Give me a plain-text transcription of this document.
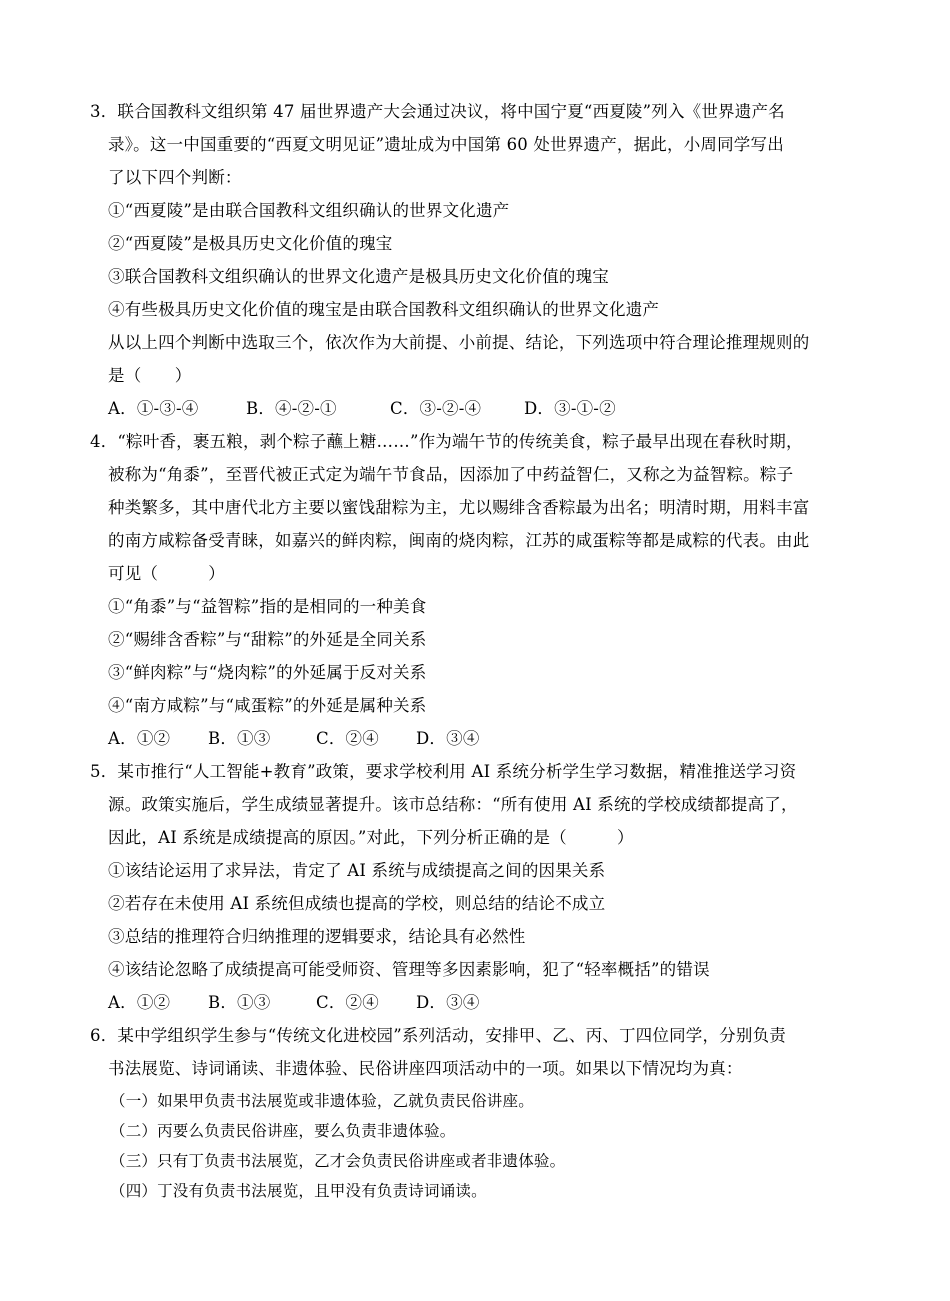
3．联合国教科文组织第 47 届世界遗产大会通过决议，将中国宁夏“西夏陵”列入《世界遗产名
录》。这一中国重要的“西夏文明见证”遗址成为中国第 60 处世界遗产，据此，小周同学写出
了以下四个判断：
①“西夏陵”是由联合国教科文组织确认的世界文化遗产
②“西夏陵”是极具历史文化价值的瑰宝
③联合国教科文组织确认的世界文化遗产是极具历史文化价值的瑰宝
④有些极具历史文化价值的瑰宝是由联合国教科文组织确认的世界文化遗产
从以上四个判断中选取三个，依次作为大前提、小前提、结论，下列选项中符合理论推理规则的
是（　　）
A．①-③-④	B．④-②-①	C．③-②-④	D．③-①-②
4．“粽叶香，裹五粮，剥个粽子蘸上糖……”作为端午节的传统美食，粽子最早出现在春秋时期，
被称为“角黍”，至晋代被正式定为端午节食品，因添加了中药益智仁，又称之为益智粽。粽子
种类繁多，其中唐代北方主要以蜜饯甜粽为主，尤以赐绯含香粽最为出名；明清时期，用料丰富
的南方咸粽备受青睐，如嘉兴的鲜肉粽，闽南的烧肉粽，江苏的咸蛋粽等都是咸粽的代表。由此
可见（　　　）
①“角黍”与“益智粽”指的是相同的一种美食
②“赐绯含香粽”与“甜粽”的外延是全同关系
③“鲜肉粽”与“烧肉粽”的外延属于反对关系
④“南方咸粽”与“咸蛋粽”的外延是属种关系
A．①② B．①③	C．②④ D．③④
5．某市推行“人工智能+教育”政策，要求学校利用 AI 系统分析学生学习数据，精准推送学习资
源。政策实施后，学生成绩显著提升。该市总结称：“所有使用 AI 系统的学校成绩都提高了，
因此，AI 系统是成绩提高的原因。”对此，下列分析正确的是（　　　）
①该结论运用了求异法，肯定了 AI 系统与成绩提高之间的因果关系
②若存在未使用 AI 系统但成绩也提高的学校，则总结的结论不成立
③总结的推理符合归纳推理的逻辑要求，结论具有必然性
④该结论忽略了成绩提高可能受师资、管理等多因素影响，犯了“轻率概括”的错误
A．①② B．①③	C．②④ D．③④
6．某中学组织学生参与“传统文化进校园”系列活动，安排甲、乙、丙、丁四位同学，分别负责
书法展览、诗词诵读、非遗体验、民俗讲座四项活动中的一项。如果以下情况均为真：
（一）如果甲负责书法展览或非遗体验，乙就负责民俗讲座。
（二）丙要么负责民俗讲座，要么负责非遗体验。
（三）只有丁负责书法展览，乙才会负责民俗讲座或者非遗体验。
（四）丁没有负责书法展览，且甲没有负责诗词诵读。
